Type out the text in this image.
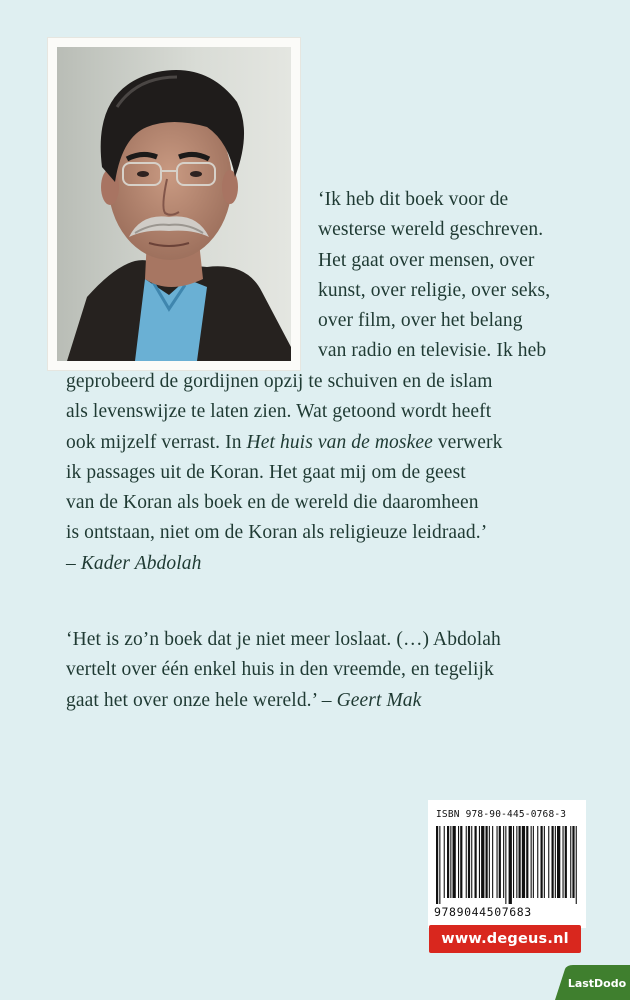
‘Ik heb dit boek voor de
westerse wereld geschreven.
Het gaat over mensen, over
kunst, over religie, over seks,
over film, over het belang
van radio en televisie. Ik heb

geprobeerd de gordijnen opzij te schuiven en de islam
als levenswijze te laten zien. Wat getoond wordt heeft
ook mijzelf verrast. In Het huis van de moskee verwerk
ik passages uit de Koran. Het gaat mij om de geest
van de Koran als boek en de wereld die daaromheen
is ontstaan, niet om de Koran als religieuze leidraad.’
– Kader Abdolah

‘Het is zo’n boek dat je niet meer loslaat. (…) Abdolah
vertelt over één enkel huis in den vreemde, en tegelijk
gaat het over onze hele wereld.’ – Geert Mak

ISBN 978-90-445-0768-3
9789044507683
www.degeus.nl
LastDodo
